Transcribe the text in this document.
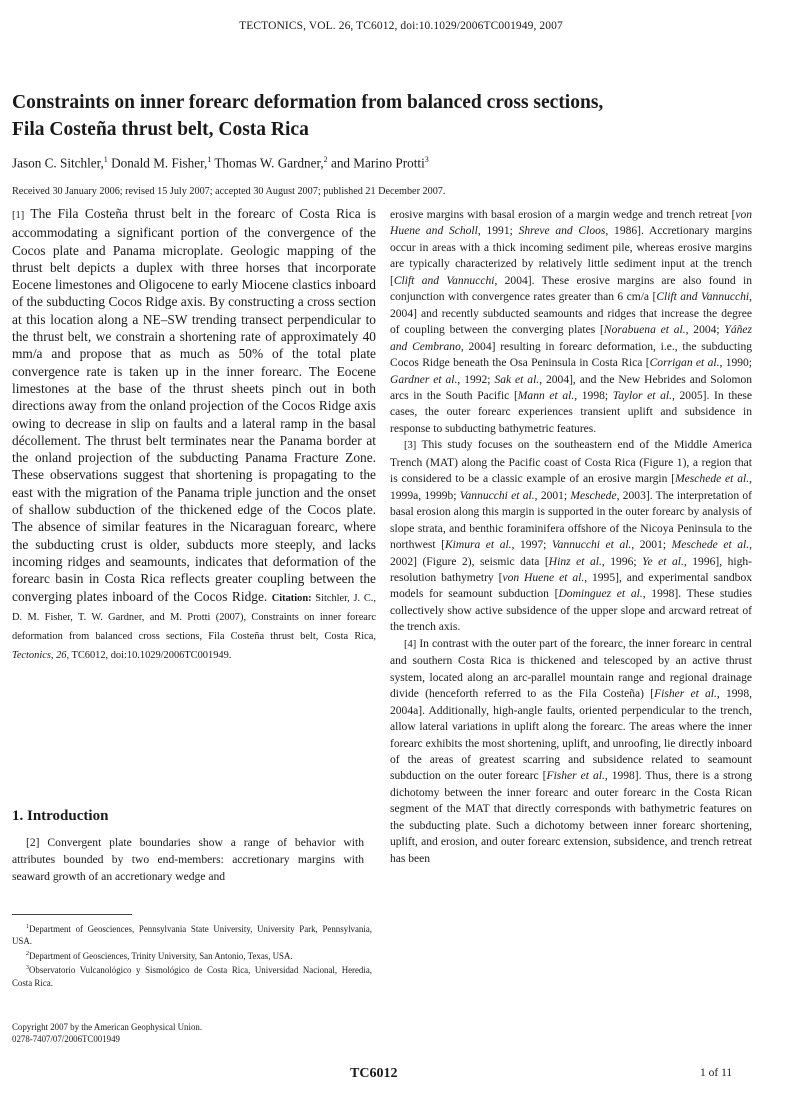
TECTONICS, VOL. 26, TC6012, doi:10.1029/2006TC001949, 2007
Constraints on inner forearc deformation from balanced cross sections, Fila Costeña thrust belt, Costa Rica
Jason C. Sitchler,$^1$ Donald M. Fisher,$^1$ Thomas W. Gardner,$^2$ and Marino Protti$^3$
Received 30 January 2006; revised 15 July 2007; accepted 30 August 2007; published 21 December 2007.
[1] The Fila Costeña thrust belt in the forearc of Costa Rica is accommodating a significant portion of the convergence of the Cocos plate and Panama microplate. Geologic mapping of the thrust belt depicts a duplex with three horses that incorporate Eocene limestones and Oligocene to early Miocene clastics inboard of the subducting Cocos Ridge axis. By constructing a cross section at this location along a NE–SW trending transect perpendicular to the thrust belt, we constrain a shortening rate of approximately 40 mm/a and propose that as much as 50% of the total plate convergence rate is taken up in the inner forearc. The Eocene limestones at the base of the thrust sheets pinch out in both directions away from the onland projection of the Cocos Ridge axis owing to decrease in slip on faults and a lateral ramp in the basal décollement. The thrust belt terminates near the Panama border at the onland projection of the subducting Panama Fracture Zone. These observations suggest that shortening is propagating to the east with the migration of the Panama triple junction and the onset of shallow subduction of the thickened edge of the Cocos plate. The absence of similar features in the Nicaraguan forearc, where the subducting crust is older, subducts more steeply, and lacks incoming ridges and seamounts, indicates that deformation of the forearc basin in Costa Rica reflects greater coupling between the converging plates inboard of the Cocos Ridge. Citation: Sitchler, J. C., D. M. Fisher, T. W. Gardner, and M. Protti (2007), Constraints on inner forearc deformation from balanced cross sections, Fila Costeña thrust belt, Costa Rica, Tectonics, 26, TC6012, doi:10.1029/2006TC001949.
1. Introduction
[2] Convergent plate boundaries show a range of behavior with attributes bounded by two end-members: accretionary margins with seaward growth of an accretionary wedge and

$^1$Department of Geosciences, Pennsylvania State University, University Park, Pennsylvania, USA.

$^2$Department of Geosciences, Trinity University, San Antonio, Texas, USA.

$^3$Observatorio Vulcanológico y Sismológico de Costa Rica, Universidad Nacional, Heredia, Costa Rica.

Copyright 2007 by the American Geophysical Union.

0278-7407/07/2006TC001949

erosive margins with basal erosion of a margin wedge and trench retreat [von Huene and Scholl, 1991; Shreve and Cloos, 1986]. Accretionary margins occur in areas with a thick incoming sediment pile, whereas erosive margins are typically characterized by relatively little sediment input at the trench [Clift and Vannucchi, 2004]. These erosive margins are also found in conjunction with convergence rates greater than 6 cm/a [Clift and Vannucchi, 2004] and recently subducted seamounts and ridges that increase the degree of coupling between the converging plates [Norabuena et al., 2004; Yáñez and Cembrano, 2004] resulting in forearc deformation, i.e., the subducting Cocos Ridge beneath the Osa Peninsula in Costa Rica [Corrigan et al., 1990; Gardner et al., 1992; Sak et al., 2004], and the New Hebrides and Solomon arcs in the South Pacific [Mann et al., 1998; Taylor et al., 2005]. In these cases, the outer forearc experiences transient uplift and subsidence in response to subducting bathymetric features.

[3] This study focuses on the southeastern end of the Middle America Trench (MAT) along the Pacific coast of Costa Rica (Figure 1), a region that is considered to be a classic example of an erosive margin [Meschede et al., 1999a, 1999b; Vannucchi et al., 2001; Meschede, 2003]. The interpretation of basal erosion along this margin is supported in the outer forearc by analysis of slope strata, and benthic foraminifera offshore of the Nicoya Peninsula to the northwest [Kimura et al., 1997; Vannucchi et al., 2001; Meschede et al., 2002] (Figure 2), seismic data [Hinz et al., 1996; Ye et al., 1996], high-resolution bathymetry [von Huene et al., 1995], and experimental sandbox models for seamount subduction [Dominguez et al., 1998]. These studies collectively show active subsidence of the upper slope and arcward retreat of the trench axis.

[4] In contrast with the outer part of the forearc, the inner forearc in central and southern Costa Rica is thickened and telescoped by an active thrust system, located along an arc-parallel mountain range and regional drainage divide (henceforth referred to as the Fila Costeña) [Fisher et al., 1998, 2004a]. Additionally, high-angle faults, oriented perpendicular to the trench, allow lateral variations in uplift along the forearc. The areas where the inner forearc exhibits the most shortening, uplift, and unroofing, lie directly inboard of the areas of greatest scarring and subsidence related to seamount subduction on the outer forearc [Fisher et al., 1998]. Thus, there is a strong dichotomy between the inner forearc and outer forearc in the Costa Rican segment of the MAT that directly corresponds with bathymetric features on the subducting plate. Such a dichotomy between inner forearc shortening, uplift, and erosion, and outer forearc extension, subsidence, and trench retreat has been

TC6012	1 of 11
